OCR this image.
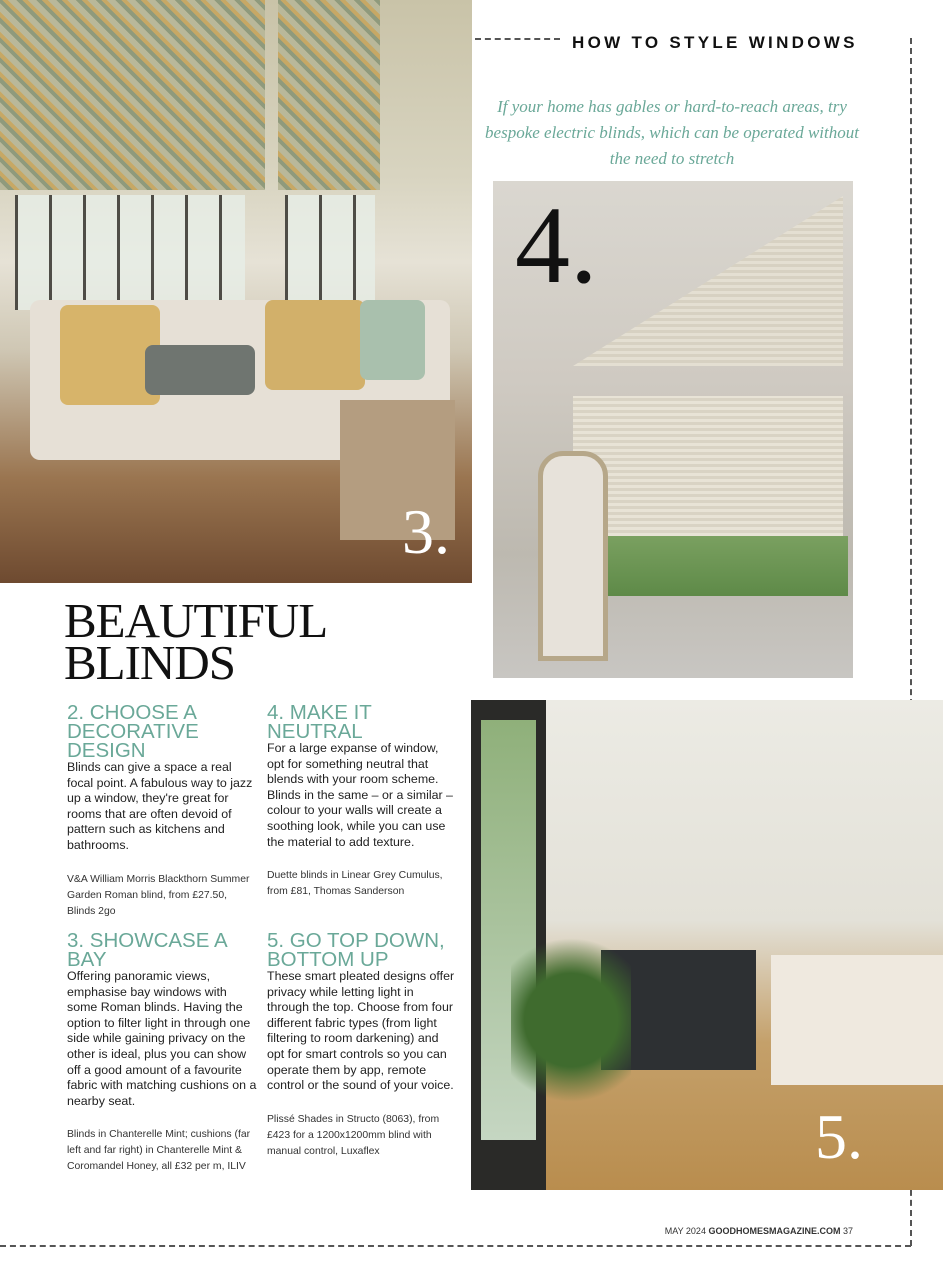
3.
HOW TO STYLE WINDOWS
If your home has gables or hard-to-reach areas, try bespoke electric blinds, which can be operated without the need to stretch
4.
BEAUTIFUL
BLINDS
2. CHOOSE A DECORATIVE DESIGN

Blinds can give a space a real focal point. A fabulous way to jazz up a window, they're great for rooms that are often devoid of pattern such as kitchens and bathrooms.

V&A William Morris Blackthorn Summer Garden Roman blind, from £27.50, Blinds 2go

3. SHOWCASE A BAY

Offering panoramic views, emphasise bay windows with some Roman blinds. Having the option to filter light in through one side while gaining privacy on the other is ideal, plus you can show off a good amount of a favourite fabric with matching cushions on a nearby seat.

Blinds in Chanterelle Mint; cushions (far left and far right) in Chanterelle Mint & Coromandel Honey, all £32 per m, ILIV

4. MAKE IT NEUTRAL

For a large expanse of window, opt for something neutral that blends with your room scheme. Blinds in the same – or a similar – colour to your walls will create a soothing look, while you can use the material to add texture.

Duette blinds in Linear Grey Cumulus, from £81, Thomas Sanderson

5. GO TOP DOWN, BOTTOM UP

These smart pleated designs offer privacy while letting light in through the top. Choose from four different fabric types (from light filtering to room darkening) and opt for smart controls so you can operate them by app, remote control or the sound of your voice.

Plissé Shades in Structo (8063), from £423 for a 1200x1200mm blind with manual control, Luxaflex	5.
MAY 2024 GOODHOMESMAGAZINE.COM 37
